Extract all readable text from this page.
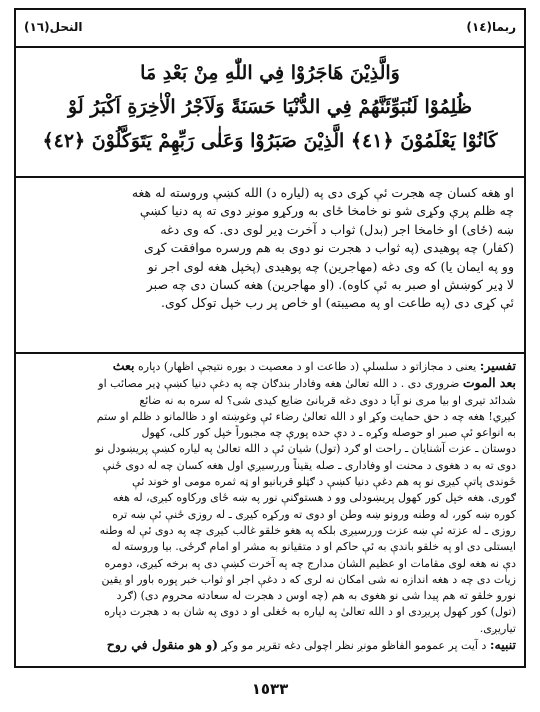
النحل(١٦)	ربما(١٤)
وَالَّذِيْنَ هَاجَرُوْا فِي اللّٰهِ مِنْ بَعْدِ مَا
ظُلِمُوْا لَنُبَوِّئَنَّهُمْ فِي الدُّنْيَا حَسَنَةً وَلَاَجْرُ الْاٰخِرَةِ اَكْبَرُ لَوْ
كَانُوْا يَعْلَمُوْنَ ﴿٤١﴾ الَّذِيْنَ صَبَرُوْا وَعَلٰى رَبِّهِمْ يَتَوَكَّلُوْنَ ﴿٤٢﴾
او هغه كسان چه هجرت ئې كړى دى په (لياره د) الله كښې وروسته له هغه
چه ظلم پرې وكړى شو نو خامخا ځاى به وركړو مونږ دوى ته په دنيا كښې
ښه (ځاى) او خامخا اجر (بدل) ثواب د آخرت ډير لوى دى. كه وى دغه
(كفار) چه پوهيدى (په ثواب د هجرت نو دوى به هم ورسره موافقت كړى
وو په ايمان يا) كه وى دغه (مهاجرين) چه پوهيدى (پخپل هغه لوى اجر نو
لا ډير كوښش او صبر به ئې كاوه). (او مهاجرين) هغه كسان دى چه صبر
ئې كړى دى (په طاعت او په مصيبته) او خاص پر رب خپل توكل كوى.
تفسير: يعنى د مجازاتو د سلسلې (د طاعت او د معصيت د بوره نتيجې اظهار) دپاره بعث
بعد الموت ضرورى دى . د الله تعالىٰ هغه وفادار بندګان چه په دغې دنيا كښې ډير مصائب او
شدائد تيرى او بيا مرى نو آيا د دوى دغه قربانئ ضايع كيدى شى؟ له سره به نه ضائع
كيږي! هغه چه د حق حمايت وكړ او د الله تعالىٰ رضاء ئې وغوښته او د ظالمانو د ظلم او ستم
به انواعو ئې صبر او حوصله وكړه ـ د دې حده پورې چه مجبوراً خپل كور كلى، كهول
دوستان ـ عزت آشنايان ـ راحت او ګرد (تول) شيان ئې د الله تعالىٰ په لياره كښې پريښودل نو
دوى ته به د هغوى د محنت او وفادارى ـ صله يقيناً وررسيږي اول هغه كسان چه له دوى ځنې
ځوندى پاتې كيږى نو په هم دغې دنيا كښې د ګټلو قربانيو او ټه ثمره مومى او خوند ئې
ګورى. هغه خپل كور كهول پريښودلى وو د هستوګنې نور په ښه ځاى وركاوه كيږى، له هغه
كوره ښه كور، له وطنه ورونو ښه وطن او دوى ته وركړه كيږى ـ له روزى ځنې ئې ښه تره
روزى ـ له عزته ئې ښه عزت وررسيږى بلكه په هغو خلقو غالب كيږى چه په دوى ئې له وطنه
ايستلى دى او په خلقو باندې به ئې حاكم او د متقيانو به مشر او امام ګرځى. بيا وروسته له
دې نه هغه لوى مقامات او عظيم الشان مدارج چه په آخرت كښې دى په برخه كيږى، دومره
زيات دى چه د هغه اندازه نه شى امكان نه لرى كه د دغې اجر او ثواب خبر پوره باور او يقين
نورو خلقو ته هم پيدا شى نو هغوى به هم (چه اوس د هجرت له سعادته محروم دى) (ګرد
(تول) كور كهول پريږدى او د الله تعالىٰ په لياره به ځغلى او د دوى په شان به د هجرت دپاره
تياريږى.
تنبيه: د آيت پر عمومو الفاظو مونږ نظر اچولى دغه تقرير مو وكړ (و هو منقول في روح
١٥٣٣
